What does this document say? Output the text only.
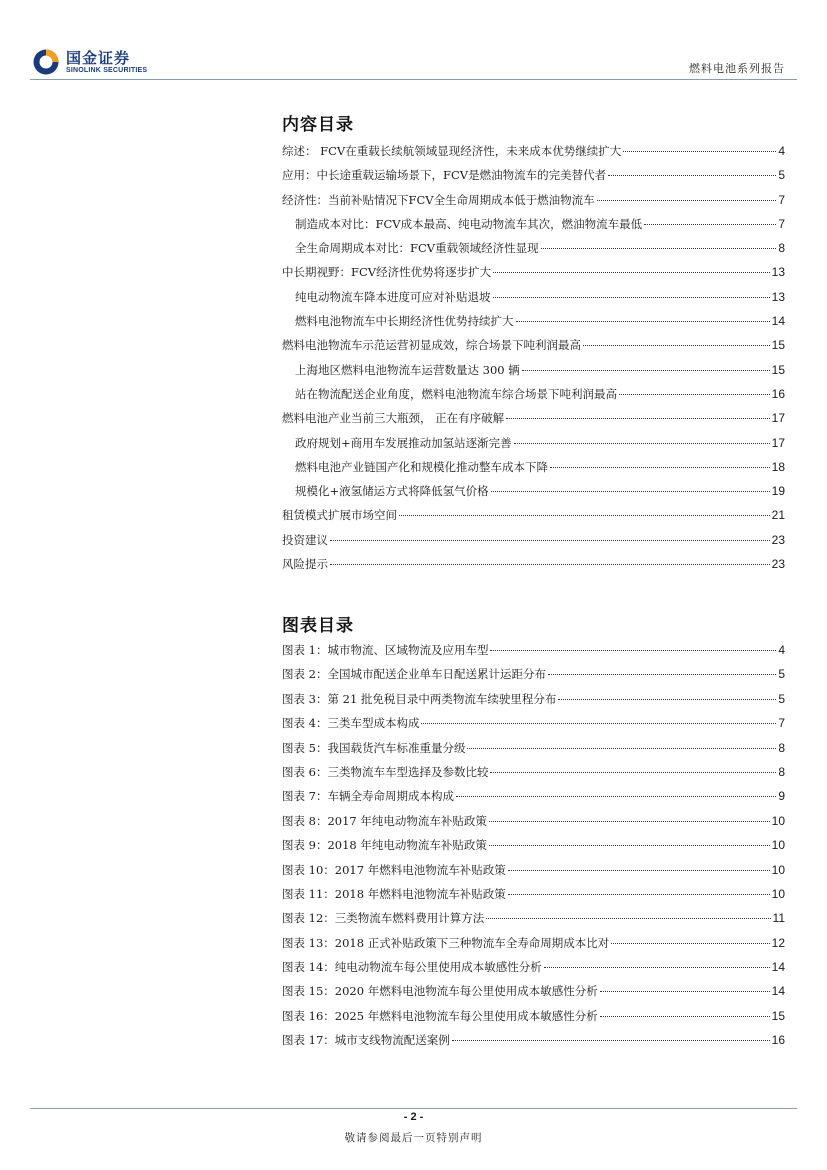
国金证券
SINOLINK SECURITIES	燃料电池系列报告
内容目录
综述： FCV在重载长续航领域显现经济性，未来成本优势继续扩大	4
应用：中长途重载运输场景下，FCV是燃油物流车的完美替代者	5
经济性：当前补贴情况下FCV全生命周期成本低于燃油物流车	7
制造成本对比：FCV成本最高、纯电动物流车其次，燃油物流车最低	7
全生命周期成本对比：FCV重载领域经济性显现	8
中长期视野：FCV经济性优势将逐步扩大	13
纯电动物流车降本进度可应对补贴退坡	13
燃料电池物流车中长期经济性优势持续扩大	14
燃料电池物流车示范运营初显成效，综合场景下吨利润最高	15
上海地区燃料电池物流车运营数量达 300 辆	15
站在物流配送企业角度，燃料电池物流车综合场景下吨利润最高	16
燃料电池产业当前三大瓶颈， 正在有序破解	17
政府规划+商用车发展推动加氢站逐渐完善	17
燃料电池产业链国产化和规模化推动整车成本下降	18
规模化+液氢储运方式将降低氢气价格	19
租赁模式扩展市场空间	21
投资建议	23
风险提示	23
图表目录
图表 1：城市物流、区域物流及应用车型	4
图表 2：全国城市配送企业单车日配送累计运距分布	5
图表 3：第 21 批免税目录中两类物流车续驶里程分布	5
图表 4：三类车型成本构成	7
图表 5：我国载货汽车标准重量分级	8
图表 6：三类物流车车型选择及参数比较	8
图表 7：车辆全寿命周期成本构成	9
图表 8：2017 年纯电动物流车补贴政策	10
图表 9：2018 年纯电动物流车补贴政策	10
图表 10：2017 年燃料电池物流车补贴政策	10
图表 11：2018 年燃料电池物流车补贴政策	10
图表 12：三类物流车燃料费用计算方法	11
图表 13：2018 正式补贴政策下三种物流车全寿命周期成本比对	12
图表 14：纯电动物流车每公里使用成本敏感性分析	14
图表 15：2020 年燃料电池物流车每公里使用成本敏感性分析	14
图表 16：2025 年燃料电池物流车每公里使用成本敏感性分析	15
图表 17：城市支线物流配送案例	16
- 2 -
敬请参阅最后一页特别声明
